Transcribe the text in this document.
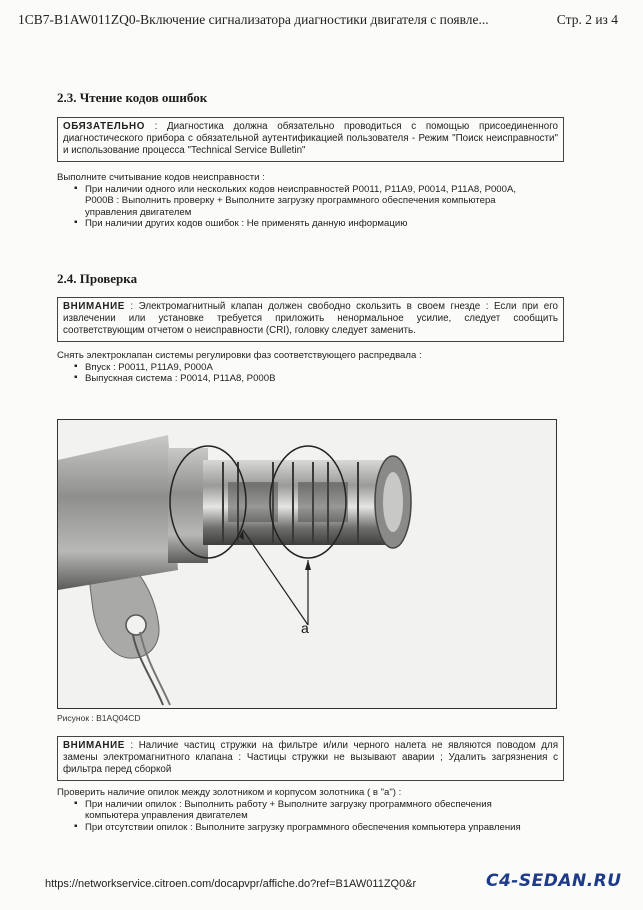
1CB7-B1AW011ZQ0-Включение сигнализатора диагностики двигателя с появле...	Стр. 2 из 4
2.3. Чтение кодов ошибок
ОБЯЗАТЕЛЬНО : Диагностика должна обязательно проводиться с помощью присоединенного диагностического прибора с обязательной аутентификацией пользователя - Режим "Поиск неисправности" и использование процесса "Technical Service Bulletin"
Выполните считывание кодов неисправности :
▪ При наличии одного или нескольких кодов неисправностей P0011, P11A9, P0014, P11A8, P000A, P000B : Выполнить проверку + Выполните загрузку программного обеспечения компьютера управления двигателем
▪ При наличии других кодов ошибок : Не применять данную информацию
2.4. Проверка
ВНИМАНИЕ : Электромагнитный клапан должен свободно скользить в своем гнезде : Если при его извлечении или установке требуется приложить ненормальное усилие, следует сообщить соответствующим отчетом о неисправности (CRI), головку следует заменить.
Снять электроклапан системы регулировки фаз соответствующего распредвала :
▪ Впуск : P0011, P11A9, P000A
▪ Выпускная система : P0014, P11A8, P000B
a
Рисунок : B1AQ04CD
ВНИМАНИЕ : Наличие частиц стружки на фильтре и/или черного налета не являются поводом для замены электромагнитного клапана : Частицы стружки не вызывают аварии ; Удалить загрязнения с фильтра перед сборкой
Проверить наличие опилок между золотником и корпусом золотника ( в "a") :
▪ При наличии опилок : Выполнить работу + Выполните загрузку программного обеспечения компьютера управления двигателем
▪ При отсутствии опилок : Выполните загрузку программного обеспечения компьютера управления
https://networkservice.citroen.com/docapvpr/affiche.do?ref=B1AW011ZQ0&r	C4-SEDAN.RU
